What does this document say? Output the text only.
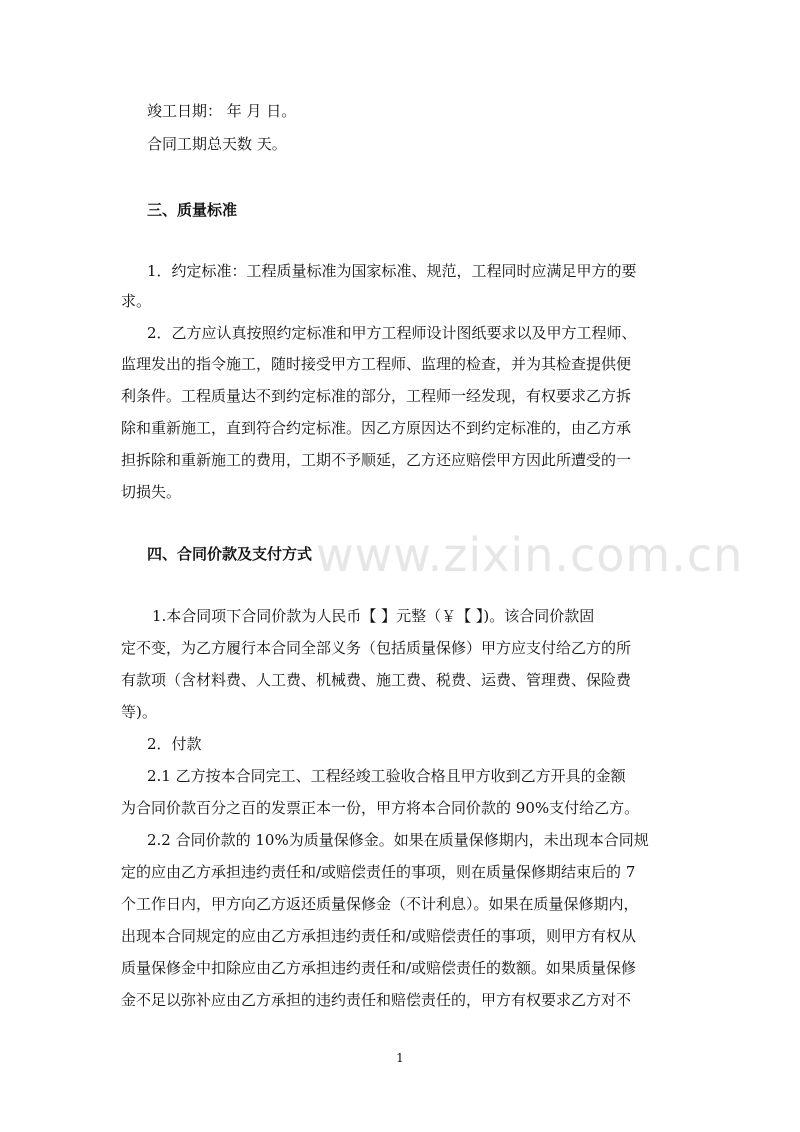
www.zixin.com.cn
竣工日期： 年 月 日。
合同工期总天数 天。
三、质量标准
1．约定标准：工程质量标准为国家标准、规范，工程同时应满足甲方的要
求。
2．乙方应认真按照约定标准和甲方工程师设计图纸要求以及甲方工程师、
监理发出的指令施工，随时接受甲方工程师、监理的检查，并为其检查提供便
利条件。工程质量达不到约定标准的部分，工程师一经发现，有权要求乙方拆
除和重新施工，直到符合约定标准。因乙方原因达不到约定标准的，由乙方承
担拆除和重新施工的费用，工期不予顺延，乙方还应赔偿甲方因此所遭受的一
切损失。
四、合同价款及支付方式
1.本合同项下合同价款为人民币【 】元整（￥【 】)。该合同价款固
定不变，为乙方履行本合同全部义务（包括质量保修）甲方应支付给乙方的所
有款项（含材料费、人工费、机械费、施工费、税费、运费、管理费、保险费
等)。
2．付款
2.1 乙方按本合同完工、工程经竣工验收合格且甲方收到乙方开具的金额
为合同价款百分之百的发票正本一份，甲方将本合同价款的 90%支付给乙方。
2.2 合同价款的 10%为质量保修金。如果在质量保修期内，未出现本合同规
定的应由乙方承担违约责任和/或赔偿责任的事项，则在质量保修期结束后的 7
个工作日内，甲方向乙方返还质量保修金（不计利息）。如果在质量保修期内，
出现本合同规定的应由乙方承担违约责任和/或赔偿责任的事项，则甲方有权从
质量保修金中扣除应由乙方承担违约责任和/或赔偿责任的数额。如果质量保修
金不足以弥补应由乙方承担的违约责任和赔偿责任的，甲方有权要求乙方对不
1
